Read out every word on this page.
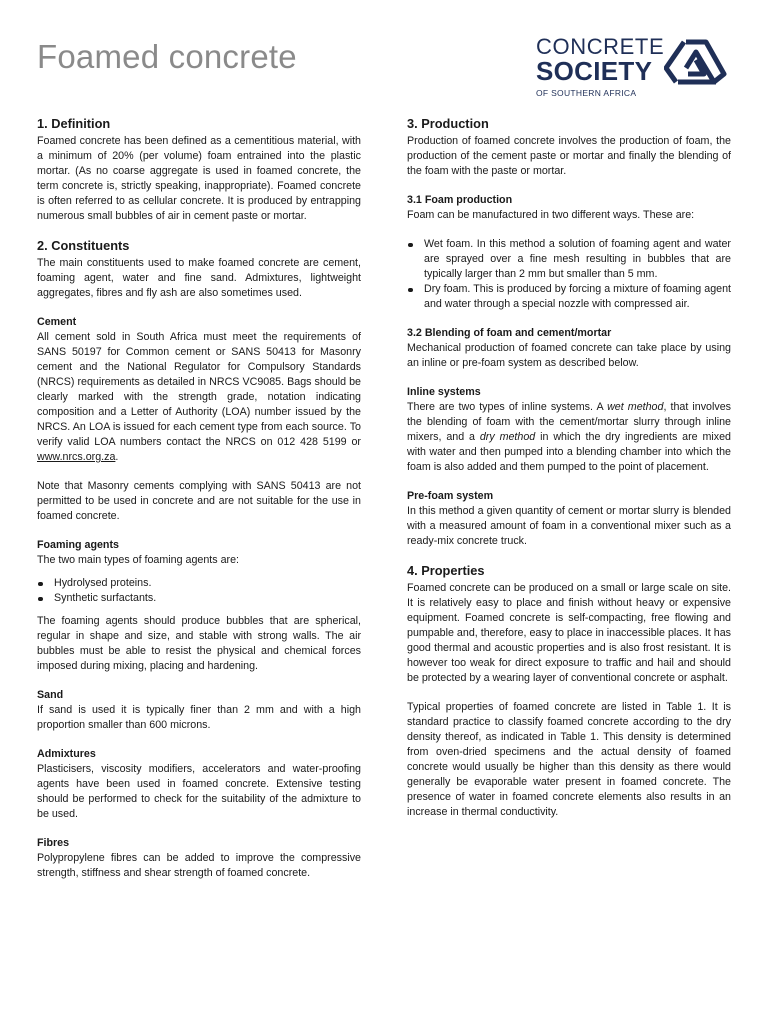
Foamed concrete	CONCRETE
SOCIETY
OF SOUTHERN AFRICA
1. Definition

Foamed concrete has been defined as a cementitious material, with a minimum of 20% (per volume) foam entrained into the plastic mortar. (As no coarse aggregate is used in foamed concrete, the term concrete is, strictly speaking, inappropriate). Foamed concrete is often referred to as cellular concrete. It is produced by entrapping numerous small bubbles of air in cement paste or mortar.

2. Constituents

The main constituents used to make foamed concrete are cement, foaming agent, water and fine sand. Admixtures, lightweight aggregates, fibres and fly ash are also sometimes used.

Cement

All cement sold in South Africa must meet the requirements of SANS 50197 for Common cement or SANS 50413 for Masonry cement and the National Regulator for Compulsory Standards (NRCS) requirements as detailed in NRCS VC9085. Bags should be clearly marked with the strength grade, notation indicating composition and a Letter of Authority (LOA) number issued by the NRCS. An LOA is issued for each cement type from each source. To verify valid LOA numbers contact the NRCS on 012 428 5199 or www.nrcs.org.za.

Note that Masonry cements complying with SANS 50413 are not permitted to be used in concrete and are not suitable for the use in foamed concrete.

Foaming agents

The two main types of foaming agents are:

Hydrolysed proteins.
Synthetic surfactants.

The foaming agents should produce bubbles that are spherical, regular in shape and size, and stable with strong walls. The air bubbles must be able to resist the physical and chemical forces imposed during mixing, placing and hardening.

Sand

If sand is used it is typically finer than 2 mm and with a high proportion smaller than 600 microns.

Admixtures

Plasticisers, viscosity modifiers, accelerators and water-proofing agents have been used in foamed concrete. Extensive testing should be performed to check for the suitability of the admixture to be used.

Fibres

Polypropylene fibres can be added to improve the compressive strength, stiffness and shear strength of foamed concrete.

3. Production

Production of foamed concrete involves the production of foam, the production of the cement paste or mortar and finally the blending of the foam with the paste or mortar.

3.1 Foam production

Foam can be manufactured in two different ways. These are:

Wet foam. In this method a solution of foaming agent and water are sprayed over a fine mesh resulting in bubbles that are typically larger than 2 mm but smaller than 5 mm.
Dry foam. This is produced by forcing a mixture of foaming agent and water through a special nozzle with compressed air.
3.2 Blending of foam and cement/mortar

Mechanical production of foamed concrete can take place by using an inline or pre-foam system as described below.

Inline systems

There are two types of inline systems. A wet method, that involves the blending of foam with the cement/mortar slurry through inline mixers, and a dry method in which the dry ingredients are mixed with water and then pumped into a blending chamber into which the foam is also added and them pumped to the point of placement.

Pre-foam system

In this method a given quantity of cement or mortar slurry is blended with a measured amount of foam in a conventional mixer such as a ready-mix concrete truck.

4. Properties

Foamed concrete can be produced on a small or large scale on site. It is relatively easy to place and finish without heavy or expensive equipment. Foamed concrete is self-compacting, free flowing and pumpable and, therefore, easy to place in inaccessible places. It has good thermal and acoustic properties and is also frost resistant. It is however too weak for direct exposure to traffic and hail and should be protected by a wearing layer of conventional concrete or asphalt.

Typical properties of foamed concrete are listed in Table 1. It is standard practice to classify foamed concrete according to the dry density thereof, as indicated in Table 1. This density is determined from oven-dried specimens and the actual density of foamed concrete would usually be higher than this density as there would generally be evaporable water present in foamed concrete. The presence of water in foamed concrete elements also results in an increase in thermal conductivity.
